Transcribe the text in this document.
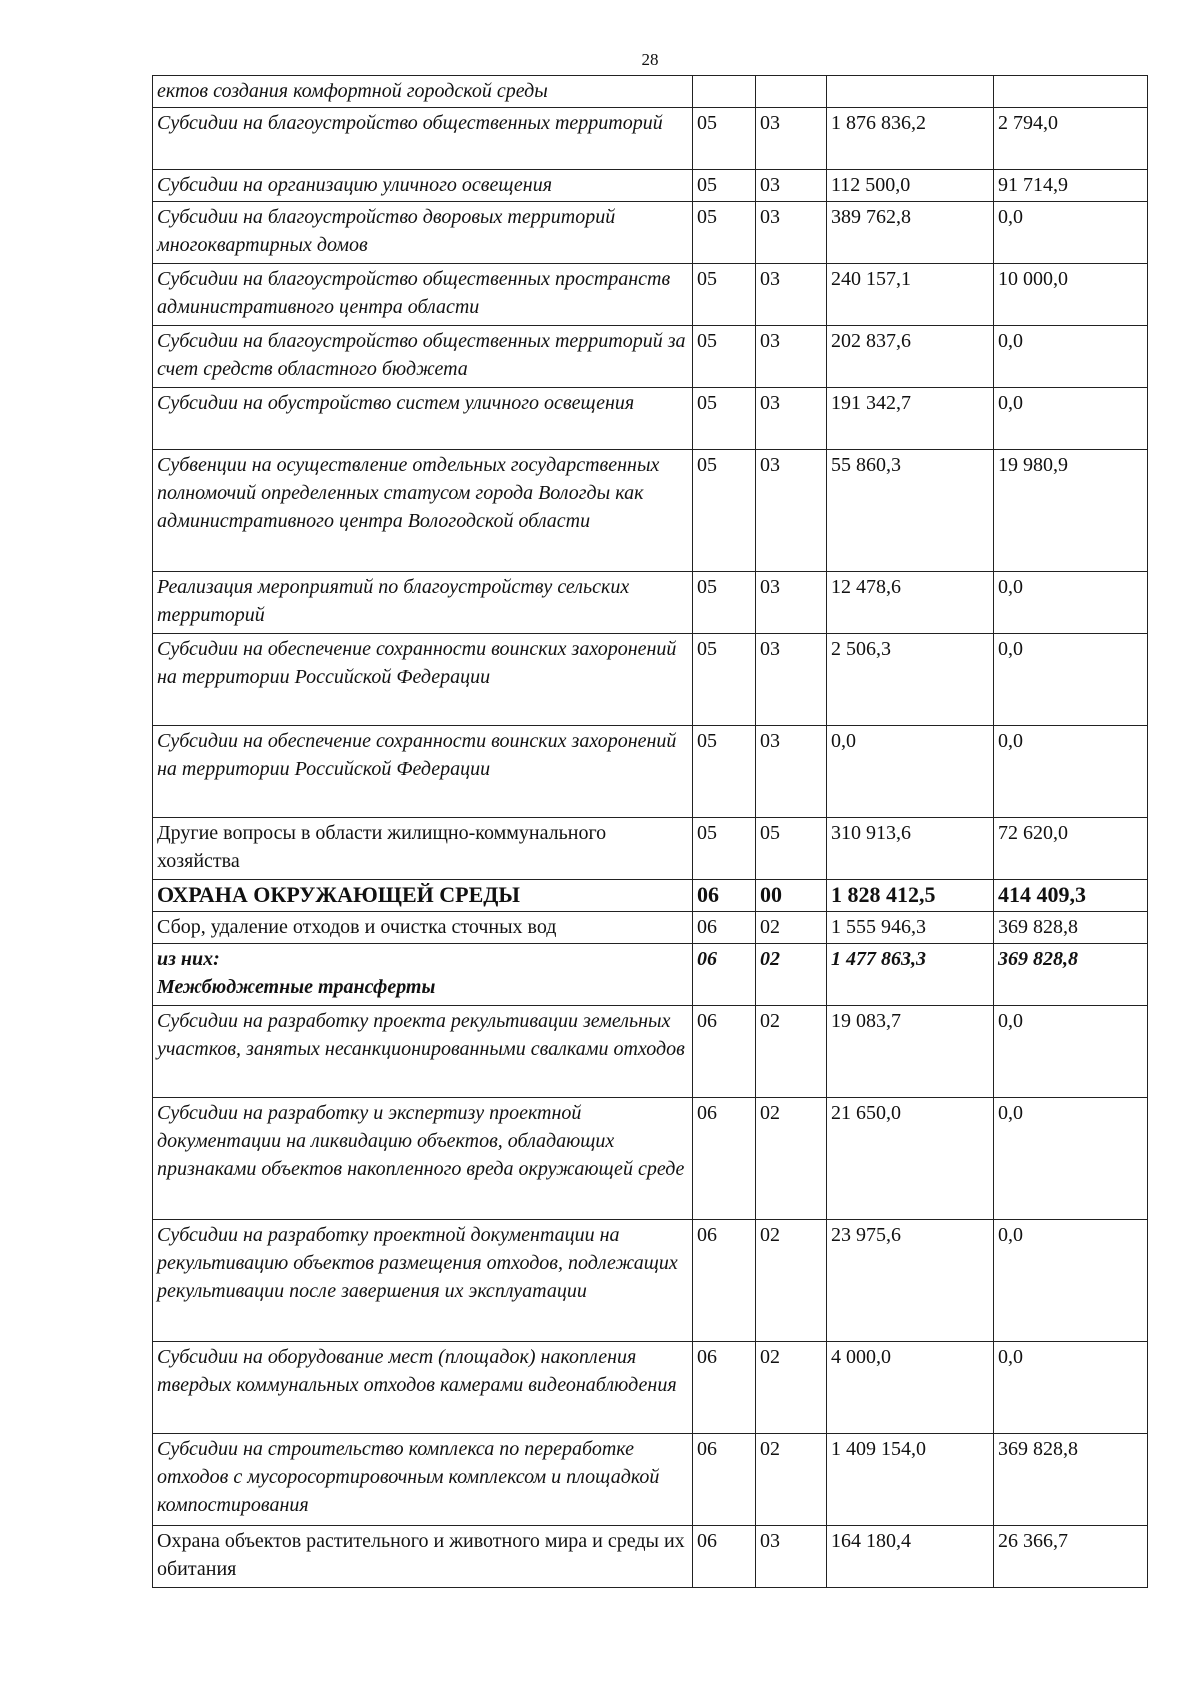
28
ектов создания комфортной городской среды				
Субсидии на благоустройство общественных территорий	05	03	1 876 836,2	2 794,0
Субсидии на организацию уличного освещения	05	03	112 500,0	91 714,9
Субсидии на благоустройство дворовых территорий многоквартирных домов	05	03	389 762,8	0,0
Субсидии на благоустройство общественных пространств административного центра области	05	03	240 157,1	10 000,0
Субсидии на благоустройство общественных территорий за счет средств областного бюджета	05	03	202 837,6	0,0
Субсидии на обустройство систем уличного освещения	05	03	191 342,7	0,0
Субвенции на осуществление отдельных государственных полномочий определенных статусом города Вологды как административного центра Вологодской области	05	03	55 860,3	19 980,9
Реализация мероприятий по благоустройству сельских территорий	05	03	12 478,6	0,0
Субсидии на обеспечение сохранности воинских захоронений на территории Российской Федерации	05	03	2 506,3	0,0
Субсидии на обеспечение сохранности воинских захоронений на территории Российской Федерации	05	03	0,0	0,0
Другие вопросы в области жилищно-коммунального хозяйства	05	05	310 913,6	72 620,0
ОХРАНА ОКРУЖАЮЩЕЙ СРЕДЫ	06	00	1 828 412,5	414 409,3
Сбор, удаление отходов и очистка сточных вод	06	02	1 555 946,3	369 828,8
из них:
Межбюджетные трансферты	06	02	1 477 863,3	369 828,8
Субсидии на разработку проекта рекультивации земельных участков, занятых несанкционированными свалками отходов	06	02	19 083,7	0,0
Субсидии на разработку и экспертизу проектной документации на ликвидацию объектов, обладающих признаками объектов накопленного вреда окружающей среде	06	02	21 650,0	0,0
Субсидии на разработку проектной документации на рекультивацию объектов размещения отходов, подлежащих рекультивации после завершения их эксплуатации	06	02	23 975,6	0,0
Субсидии на оборудование мест (площадок) накопления твердых коммунальных отходов камерами видеонаблюдения	06	02	4 000,0	0,0
Субсидии на строительство комплекса по переработке отходов с мусоросортировочным комплексом и площадкой компостирования	06	02	1 409 154,0	369 828,8
Охрана объектов растительного и животного мира и среды их обитания	06	03	164 180,4	26 366,7
